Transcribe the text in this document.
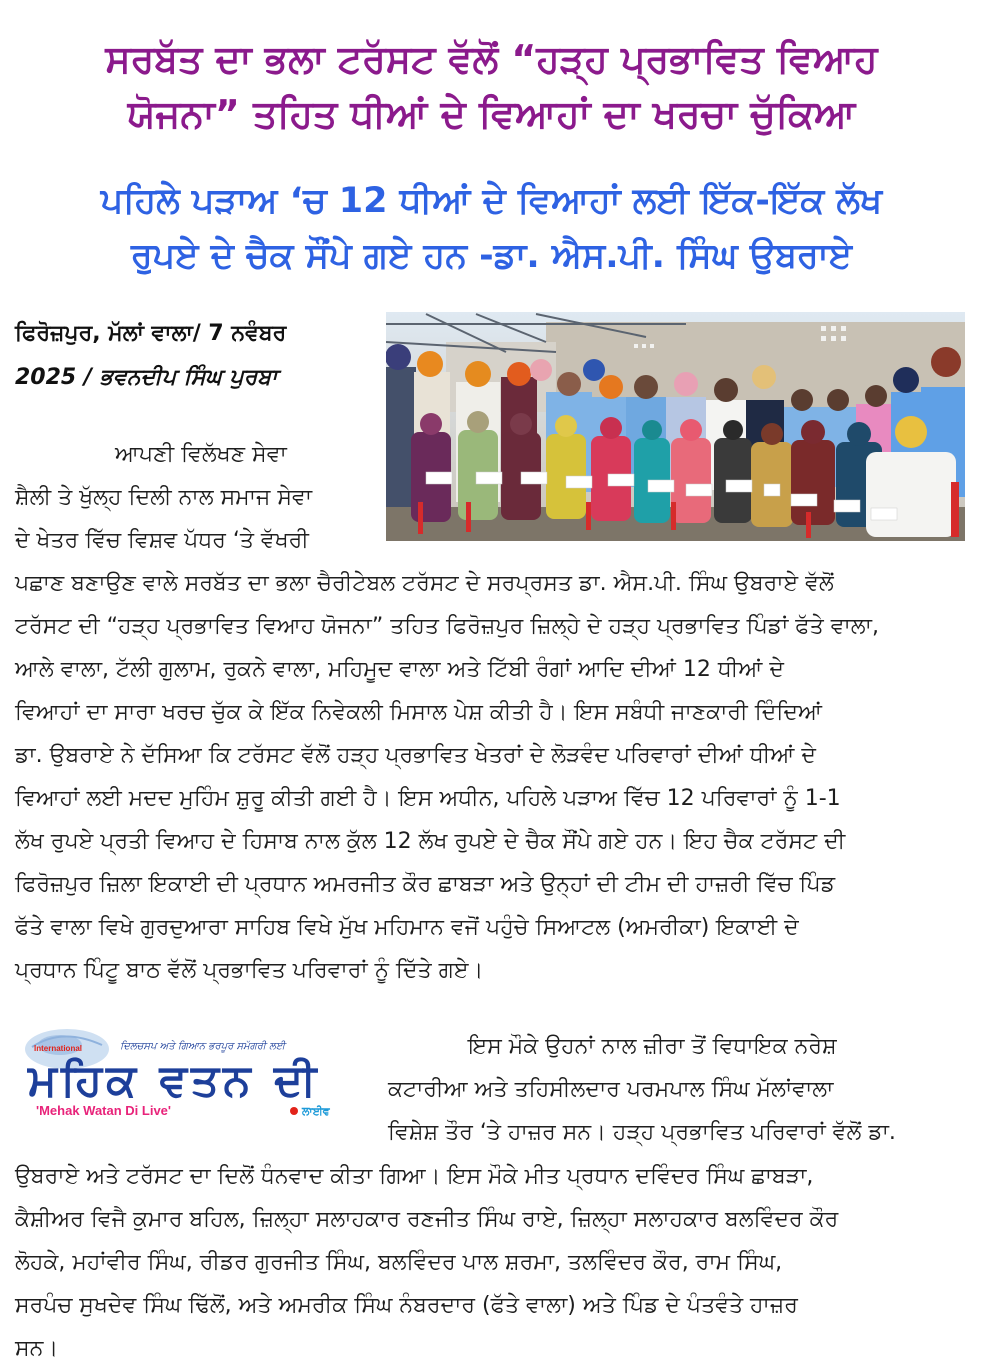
ਸਰਬੱਤ ਦਾ ਭਲਾ ਟਰੱਸਟ ਵੱਲੋਂ “ਹੜ੍ਹ ਪ੍ਰਭਾਵਿਤ ਵਿਆਹ
ਯੋਜਨਾ” ਤਹਿਤ ਧੀਆਂ ਦੇ ਵਿਆਹਾਂ ਦਾ ਖਰਚਾ ਚੁੱਕਿਆ
ਪਹਿਲੇ ਪੜਾਅ ‘ਚ 12 ਧੀਆਂ ਦੇ ਵਿਆਹਾਂ ਲਈ ਇੱਕ-ਇੱਕ ਲੱਖ
ਰੁਪਏ ਦੇ ਚੈਕ ਸੌਂਪੇ ਗਏ ਹਨ -ਡਾ. ਐਸ.ਪੀ. ਸਿੰਘ ਉਬਰਾਏ
ਫਿਰੋਜ਼ਪੁਰ, ਮੱਲਾਂ ਵਾਲਾ/ 7 ਨਵੰਬਰ
2025 / ਭਵਨਦੀਪ ਸਿੰਘ ਪੁਰਬਾ
ਆਪਣੀ ਵਿਲੱਖਣ ਸੇਵਾ
ਸ਼ੈਲੀ ਤੇ ਖੁੱਲ੍ਹ ਦਿਲੀ ਨਾਲ ਸਮਾਜ ਸੇਵਾ
ਦੇ ਖੇਤਰ ਵਿੱਚ ਵਿਸ਼ਵ ਪੱਧਰ ‘ਤੇ ਵੱਖਰੀ
ਪਛਾਣ ਬਣਾਉਣ ਵਾਲੇ ਸਰਬੱਤ ਦਾ ਭਲਾ ਚੈਰੀਟੇਬਲ ਟਰੱਸਟ ਦੇ ਸਰਪ੍ਰਸਤ ਡਾ. ਐਸ.ਪੀ. ਸਿੰਘ ਉਬਰਾਏ ਵੱਲੋਂ
ਟਰੱਸਟ ਦੀ “ਹੜ੍ਹ ਪ੍ਰਭਾਵਿਤ ਵਿਆਹ ਯੋਜਨਾ” ਤਹਿਤ ਫਿਰੋਜ਼ਪੁਰ ਜ਼ਿਲ੍ਹੇ ਦੇ ਹੜ੍ਹ ਪ੍ਰਭਾਵਿਤ ਪਿੰਡਾਂ ਫੱਤੇ ਵਾਲਾ,
ਆਲੇ ਵਾਲਾ, ਟੱਲੀ ਗੁਲਾਮ, ਰੁਕਨੇ ਵਾਲਾ, ਮਹਿਮੂਦ ਵਾਲਾ ਅਤੇ ਟਿੱਬੀ ਰੰਗਾਂ ਆਦਿ ਦੀਆਂ 12 ਧੀਆਂ ਦੇ
ਵਿਆਹਾਂ ਦਾ ਸਾਰਾ ਖਰਚ ਚੁੱਕ ਕੇ ਇੱਕ ਨਿਵੇਕਲੀ ਮਿਸਾਲ ਪੇਸ਼ ਕੀਤੀ ਹੈ। ਇਸ ਸਬੰਧੀ ਜਾਣਕਾਰੀ ਦਿੰਦਿਆਂ
ਡਾ. ਉਬਰਾਏ ਨੇ ਦੱਸਿਆ ਕਿ ਟਰੱਸਟ ਵੱਲੋਂ ਹੜ੍ਹ ਪ੍ਰਭਾਵਿਤ ਖੇਤਰਾਂ ਦੇ ਲੋੜਵੰਦ ਪਰਿਵਾਰਾਂ ਦੀਆਂ ਧੀਆਂ ਦੇ
ਵਿਆਹਾਂ ਲਈ ਮਦਦ ਮੁਹਿੰਮ ਸ਼ੁਰੂ ਕੀਤੀ ਗਈ ਹੈ। ਇਸ ਅਧੀਨ, ਪਹਿਲੇ ਪੜਾਅ ਵਿੱਚ 12 ਪਰਿਵਾਰਾਂ ਨੂੰ 1-1
ਲੱਖ ਰੁਪਏ ਪ੍ਰਤੀ ਵਿਆਹ ਦੇ ਹਿਸਾਬ ਨਾਲ ਕੁੱਲ 12 ਲੱਖ ਰੁਪਏ ਦੇ ਚੈਕ ਸੌਂਪੇ ਗਏ ਹਨ। ਇਹ ਚੈਕ ਟਰੱਸਟ ਦੀ
ਫਿਰੋਜ਼ਪੁਰ ਜ਼ਿਲਾ ਇਕਾਈ ਦੀ ਪ੍ਰਧਾਨ ਅਮਰਜੀਤ ਕੌਰ ਛਾਬੜਾ ਅਤੇ ਉਨ੍ਹਾਂ ਦੀ ਟੀਮ ਦੀ ਹਾਜ਼ਰੀ ਵਿੱਚ ਪਿੰਡ
ਫੱਤੇ ਵਾਲਾ ਵਿਖੇ ਗੁਰਦੁਆਰਾ ਸਾਹਿਬ ਵਿਖੇ ਮੁੱਖ ਮਹਿਮਾਨ ਵਜੋਂ ਪਹੁੰਚੇ ਸਿਆਟਲ (ਅਮਰੀਕਾ) ਇਕਾਈ ਦੇ
ਪ੍ਰਧਾਨ ਪਿੰਟੂ ਬਾਠ ਵੱਲੋਂ ਪ੍ਰਭਾਵਿਤ ਪਰਿਵਾਰਾਂ ਨੂੰ ਦਿੱਤੇ ਗਏ।
International	ਦਿਲਚਸਪ ਅਤੇ ਗਿਆਨ ਭਰਪੂਰ ਸਮੱਗਰੀ ਲਈ
ਮਹਿਕ ਵਤਨ ਦੀ
'Mehak Watan Di Live'	ਲਾਈਵ
ਇਸ ਮੌਕੇ ਉਹਨਾਂ ਨਾਲ ਜ਼ੀਰਾ ਤੋਂ ਵਿਧਾਇਕ ਨਰੇਸ਼
ਕਟਾਰੀਆ ਅਤੇ ਤਹਿਸੀਲਦਾਰ ਪਰਮਪਾਲ ਸਿੰਘ ਮੱਲਾਂਵਾਲਾ
ਵਿਸ਼ੇਸ਼ ਤੌਰ ‘ਤੇ ਹਾਜ਼ਰ ਸਨ। ਹੜ੍ਹ ਪ੍ਰਭਾਵਿਤ ਪਰਿਵਾਰਾਂ ਵੱਲੋਂ ਡਾ.
ਉਬਰਾਏ ਅਤੇ ਟਰੱਸਟ ਦਾ ਦਿਲੋਂ ਧੰਨਵਾਦ ਕੀਤਾ ਗਿਆ। ਇਸ ਮੌਕੇ ਮੀਤ ਪ੍ਰਧਾਨ ਦਵਿੰਦਰ ਸਿੰਘ ਛਾਬੜਾ,
ਕੈਸ਼ੀਅਰ ਵਿਜੈ ਕੁਮਾਰ ਬਹਿਲ, ਜ਼ਿਲ੍ਹਾ ਸਲਾਹਕਾਰ ਰਣਜੀਤ ਸਿੰਘ ਰਾਏ, ਜ਼ਿਲ੍ਹਾ ਸਲਾਹਕਾਰ ਬਲਵਿੰਦਰ ਕੌਰ
ਲੋਹਕੇ, ਮਹਾਂਵੀਰ ਸਿੰਘ, ਰੀਡਰ ਗੁਰਜੀਤ ਸਿੰਘ, ਬਲਵਿੰਦਰ ਪਾਲ ਸ਼ਰਮਾ, ਤਲਵਿੰਦਰ ਕੌਰ, ਰਾਮ ਸਿੰਘ,
ਸਰਪੰਚ ਸੁਖਦੇਵ ਸਿੰਘ ਢਿੱਲੋਂ, ਅਤੇ ਅਮਰੀਕ ਸਿੰਘ ਨੰਬਰਦਾਰ (ਫੱਤੇ ਵਾਲਾ) ਅਤੇ ਪਿੰਡ ਦੇ ਪੰਤਵੰਤੇ ਹਾਜ਼ਰ
ਸਨ।
